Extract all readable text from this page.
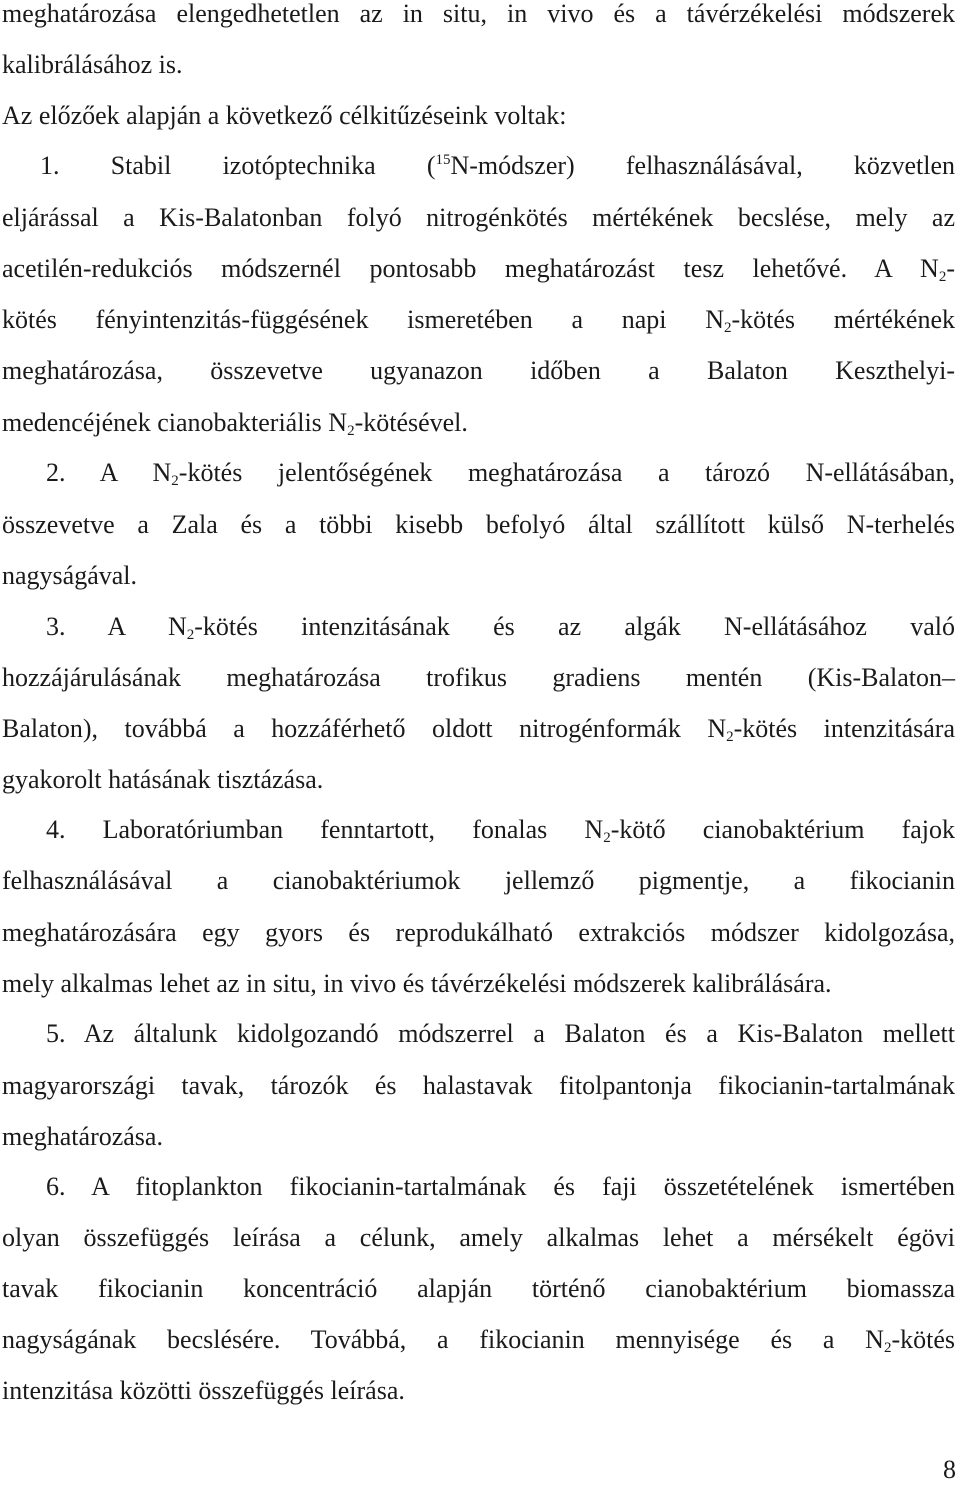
meghatározása elengedhetetlen az in situ, in vivo és a távérzékelési módszerek
kalibrálásához is.
Az előzőek alapján a következő célkitűzéseink voltak:
1. Stabil izotóptechnika ($^{15}$N-módszer) felhasználásával, közvetlen
eljárással a Kis-Balatonban folyó nitrogénkötés mértékének becslése, mely az
acetilén-redukciós módszernél pontosabb meghatározást tesz lehetővé. A $N_2-$
kötés fényintenzitás-függésének ismeretében a napi $N_2$-kötés mértékének
meghatározása, összevetve ugyanazon időben a Balaton Keszthelyi-
medencéjének cianobakteriális $N_2$-kötésével.
2. A $N_2$-kötés jelentőségének meghatározása a tározó N-ellátásában,
összevetve a Zala és a többi kisebb befolyó által szállított külső N-terhelés
nagyságával.
3. A $N_2$-kötés intenzitásának és az algák N-ellátásához való
hozzájárulásának meghatározása trofikus gradiens mentén (Kis-Balaton–
Balaton), továbbá a hozzáférhető oldott nitrogénformák $N_2$-kötés intenzitására
gyakorolt hatásának tisztázása.
4. Laboratóriumban fenntartott, fonalas $N_2$-kötő cianobaktérium fajok
felhasználásával a cianobaktériumok jellemző pigmentje, a fikocianin
meghatározására egy gyors és reprodukálható extrakciós módszer kidolgozása,
mely alkalmas lehet az in situ, in vivo és távérzékelési módszerek kalibrálására.
5. Az általunk kidolgozandó módszerrel a Balaton és a Kis-Balaton mellett
magyarországi tavak, tározók és halastavak fitolpantonja fikocianin-tartalmának
meghatározása.
6. A fitoplankton fikocianin-tartalmának és faji összetételének ismertében
olyan összefüggés leírása a célunk, amely alkalmas lehet a mérsékelt égövi
tavak fikocianin koncentráció alapján történő cianobaktérium biomassza
nagyságának becslésére. Továbbá, a fikocianin mennyisége és a $N_2$-kötés
intenzitása közötti összefüggés leírása.
8
